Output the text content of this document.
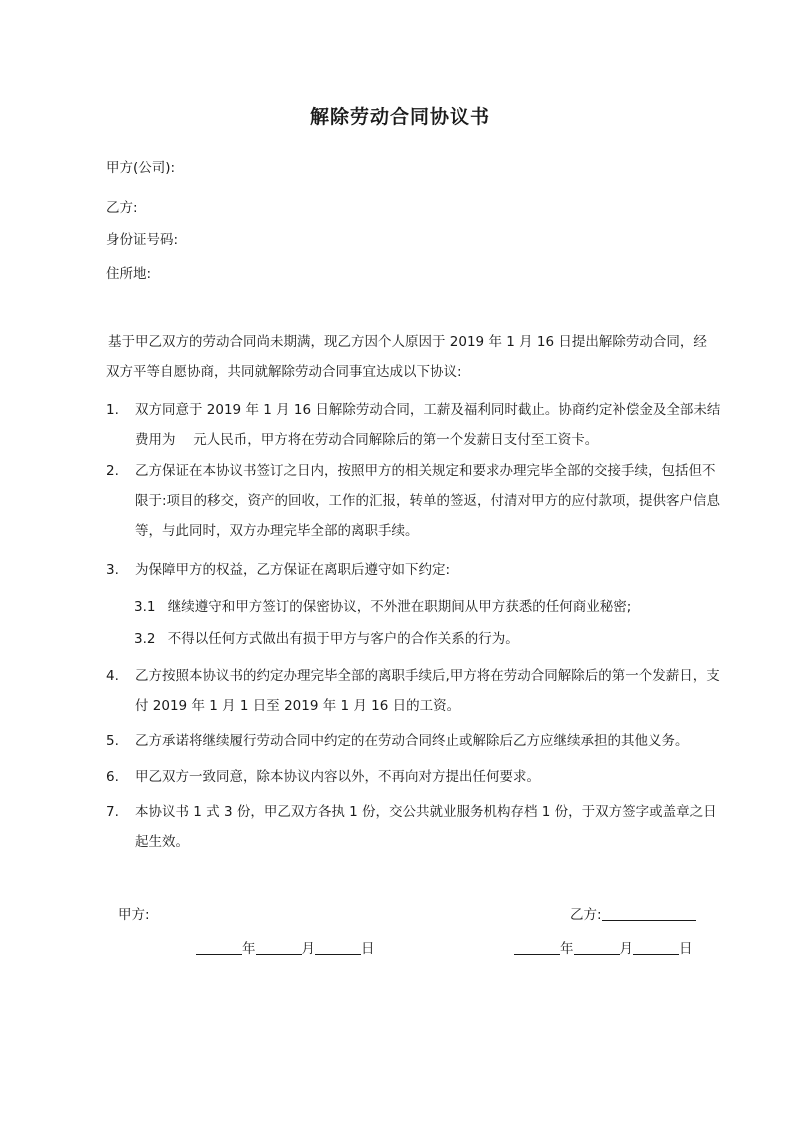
解除劳动合同协议书
甲方(公司):
乙方:
身份证号码:
住所地:
基于甲乙双方的劳动合同尚未期满，现乙方因个人原因于 2019 年 1 月 16 日提出解除劳动合同，经双方平等自愿协商，共同就解除劳动合同事宜达成以下协议:
1.	双方同意于 2019 年 1 月 16 日解除劳动合同，工薪及福利同时截止。协商约定补偿金及全部未结费用为　 元人民币，甲方将在劳动合同解除后的第一个发薪日支付至工资卡。
2.	乙方保证在本协议书签订之日内，按照甲方的相关规定和要求办理完毕全部的交接手续，包括但不限于:项目的移交，资产的回收，工作的汇报，转单的签返，付清对甲方的应付款项，提供客户信息等，与此同时，双方办理完毕全部的离职手续。
3.	为保障甲方的权益，乙方保证在离职后遵守如下约定:
3.1 继续遵守和甲方签订的保密协议，不外泄在职期间从甲方获悉的任何商业秘密;
3.2 不得以任何方式做出有损于甲方与客户的合作关系的行为。
4.	乙方按照本协议书的约定办理完毕全部的离职手续后,甲方将在劳动合同解除后的第一个发薪日，支付 2019 年 1 月 1 日至 2019 年 1 月 16 日的工资。
5.	乙方承诺将继续履行劳动合同中约定的在劳动合同终止或解除后乙方应继续承担的其他义务。
6.	甲乙双方一致同意，除本协议内容以外，不再向对方提出任何要求。
7.	本协议书 1 式 3 份，甲乙双方各执 1 份，交公共就业服务机构存档 1 份，于双方签字或盖章之日起生效。
甲方:	乙方:
年	月	日	年	月	日
